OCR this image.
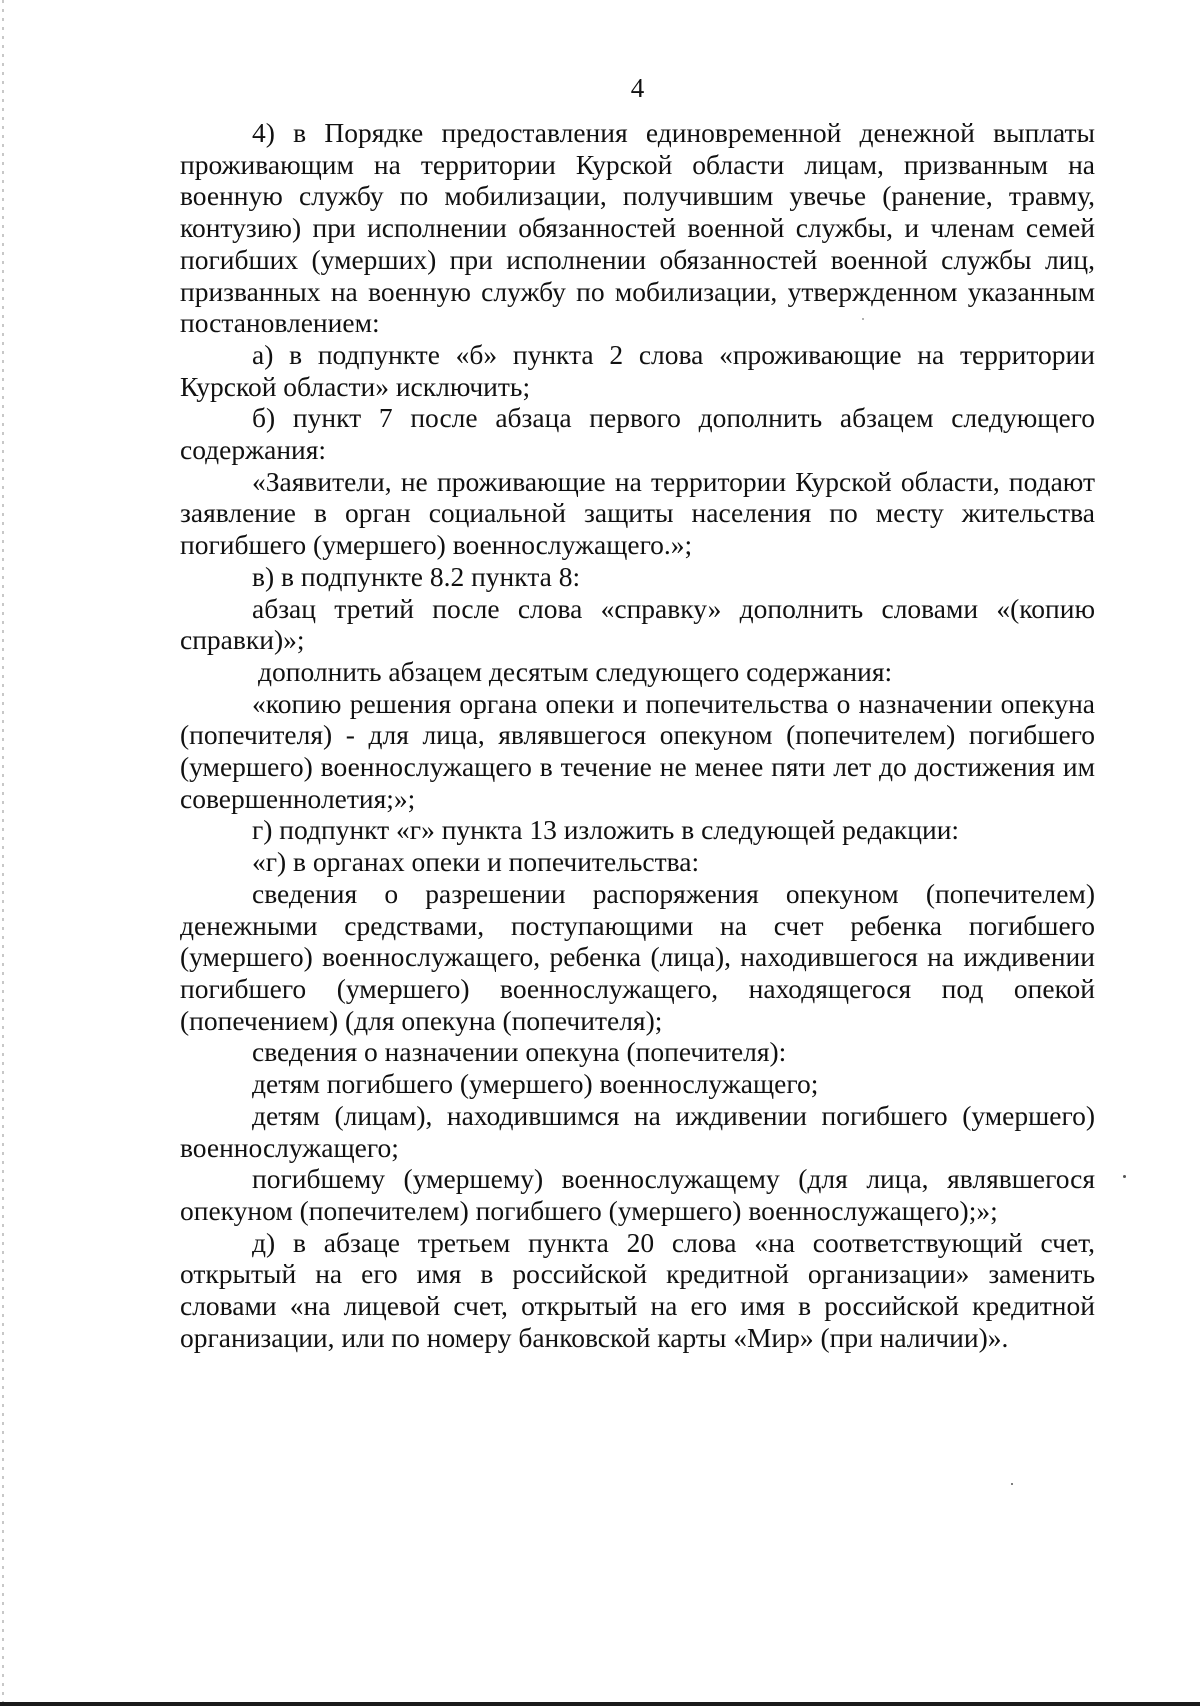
4

4) в Порядке предоставления единовременной денежной выплаты проживающим на территории Курской области лицам, призванным на военную службу по мобилизации, получившим увечье (ранение, травму, контузию) при исполнении обязанностей военной службы, и членам семей погибших (умерших) при исполнении обязанностей военной службы лиц, призванных на военную службу по мобилизации, утвержденном указанным постановлением:

а) в подпункте «б» пункта 2 слова «проживающие на территории Курской области» исключить;

б) пункт 7 после абзаца первого дополнить абзацем следующего содержания:

«Заявители, не проживающие на территории Курской области, подают заявление в орган социальной защиты населения по месту жительства погибшего (умершего) военнослужащего.»;

в) в подпункте 8.2 пункта 8:

абзац третий после слова «справку» дополнить словами «(копию справки)»;

дополнить абзацем десятым следующего содержания:

«копию решения органа опеки и попечительства о назначении опекуна (попечителя) - для лица, являвшегося опекуном (попечителем) погибшего (умершего) военнослужащего в течение не менее пяти лет до достижения им совершеннолетия;»;

г) подпункт «г» пункта 13 изложить в следующей редакции:

«г) в органах опеки и попечительства:

сведения о разрешении распоряжения опекуном (попечителем) денежными средствами, поступающими на счет ребенка погибшего (умершего) военнослужащего, ребенка (лица), находившегося на иждивении погибшего (умершего) военнослужащего, находящегося под опекой (попечением) (для опекуна (попечителя);

сведения о назначении опекуна (попечителя):

детям погибшего (умершего) военнослужащего;

детям (лицам), находившимся на иждивении погибшего (умершего) военнослужащего;

погибшему (умершему) военнослужащему (для лица, являвшегося опекуном (попечителем) погибшего (умершего) военнослужащего);»;

д) в абзаце третьем пункта 20 слова «на соответствующий счет, открытый на его имя в российской кредитной организации» заменить словами «на лицевой счет, открытый на его имя в российской кредитной организации, или по номеру банковской карты «Мир» (при наличии)».
